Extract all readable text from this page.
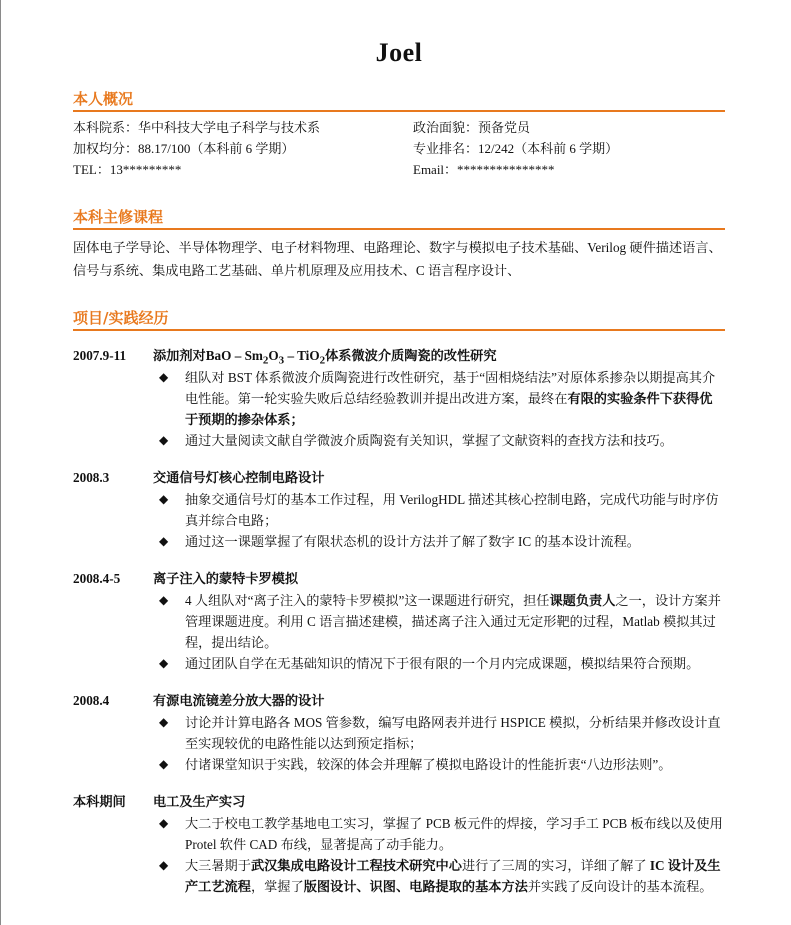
Joel
本人概况
本科院系：华中科技大学电子科学与技术系	政治面貌：预备党员
加权均分：88.17/100（本科前 6 学期）	专业排名：12/242（本科前 6 学期）
TEL：13*********	Email：***************
本科主修课程
固体电子学导论、半导体物理学、电子材料物理、电路理论、数字与模拟电子技术基础、Verilog 硬件描述语言、信号与系统、集成电路工艺基础、单片机原理及应用技术、C 语言程序设计、
项目/实践经历
2007.9-11	添加剂对BaO – $Sm_2O_3 - TiO_2$体系微波介质陶瓷的改性研究
◆ 组队对 BST 体系微波介质陶瓷进行改性研究，基于“固相烧结法”对原体系掺杂以期提高其介电性能。第一轮实验失败后总结经验教训并提出改进方案，最终在有限的实验条件下获得优于预期的掺杂体系；
◆ 通过大量阅读文献自学微波介质陶瓷有关知识，掌握了文献资料的查找方法和技巧。
2008.3	交通信号灯核心控制电路设计
◆ 抽象交通信号灯的基本工作过程，用 VerilogHDL 描述其核心控制电路，完成代功能与时序仿真并综合电路；
◆ 通过这一课题掌握了有限状态机的设计方法并了解了数字 IC 的基本设计流程。
2008.4-5	离子注入的蒙特卡罗模拟
◆ 4 人组队对“离子注入的蒙特卡罗模拟”这一课题进行研究，担任课题负责人之一，设计方案并管理课题进度。利用 C 语言描述建模，描述离子注入通过无定形靶的过程，Matlab 模拟其过程，提出结论。
◆ 通过团队自学在无基础知识的情况下于很有限的一个月内完成课题，模拟结果符合预期。
2008.4	有源电流镜差分放大器的设计
◆ 讨论并计算电路各 MOS 管参数，编写电路网表并进行 HSPICE 模拟，分析结果并修改设计直至实现较优的电路性能以达到预定指标；
◆ 付诸课堂知识于实践，较深的体会并理解了模拟电路设计的性能折衷“八边形法则”。
本科期间	电工及生产实习
◆ 大二于校电工教学基地电工实习，掌握了 PCB 板元件的焊接，学习手工 PCB 板布线以及使用 Protel 软件 CAD 布线，显著提高了动手能力。
◆ 大三暑期于武汉集成电路设计工程技术研究中心进行了三周的实习，详细了解了 IC 设计及生产工艺流程，掌握了版图设计、识图、电路提取的基本方法并实践了反向设计的基本流程。
